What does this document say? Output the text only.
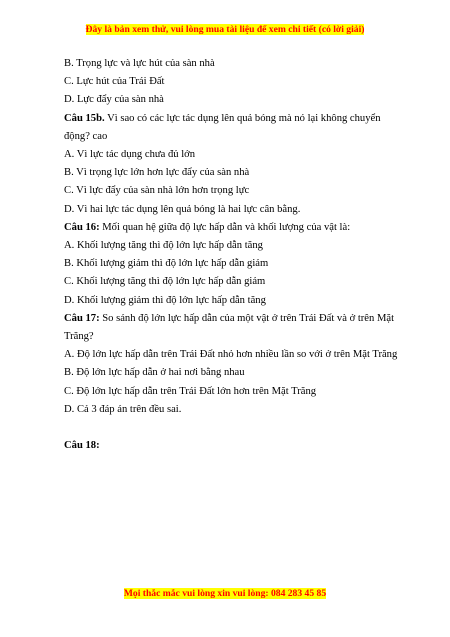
Đây là bản xem thử, vui lòng mua tài liệu để xem chi tiết (có lời giải)

B. Trọng lực và lực hút của sàn nhà

C. Lực hút của Trái Đất

D. Lực đẩy của sàn nhà

Câu 15b. Vì sao có các lực tác dụng lên quả bóng mà nó lại không chuyển động? cao

A. Vì lực tác dụng chưa đủ lớn

B. Vì trọng lực lớn hơn lực đẩy của sàn nhà

C. Vì lực đẩy của sàn nhà lớn hơn trọng lực

D. Vì hai lực tác dụng lên quả bóng là hai lực cân bằng.

Câu 16: Mối quan hệ giữa độ lực hấp dẫn và khối lượng của vật là:

A. Khối lượng tăng thì độ lớn lực hấp dẫn tăng

B. Khối lượng giảm thì độ lớn lực hấp dẫn giảm

C. Khối lượng tăng thì độ lớn lực hấp dẫn giảm

D. Khối lượng giảm thì độ lớn lực hấp dẫn tăng

Câu 17: So sánh độ lớn lực hấp dẫn của một vật ở trên Trái Đất và ở trên Mặt Trăng?

A. Độ lớn lực hấp dẫn trên Trái Đất nhỏ hơn nhiều lần so với ở trên Mặt Trăng

B. Độ lớn lực hấp dẫn ở hai nơi bằng nhau

C. Độ lớn lực hấp dẫn trên Trái Đất lớn hơn trên Mặt Trăng

D. Cả 3 đáp án trên đều sai.

Câu 18:

Mọi thắc mắc vui lòng xin vui lòng: 084 283 45 85
